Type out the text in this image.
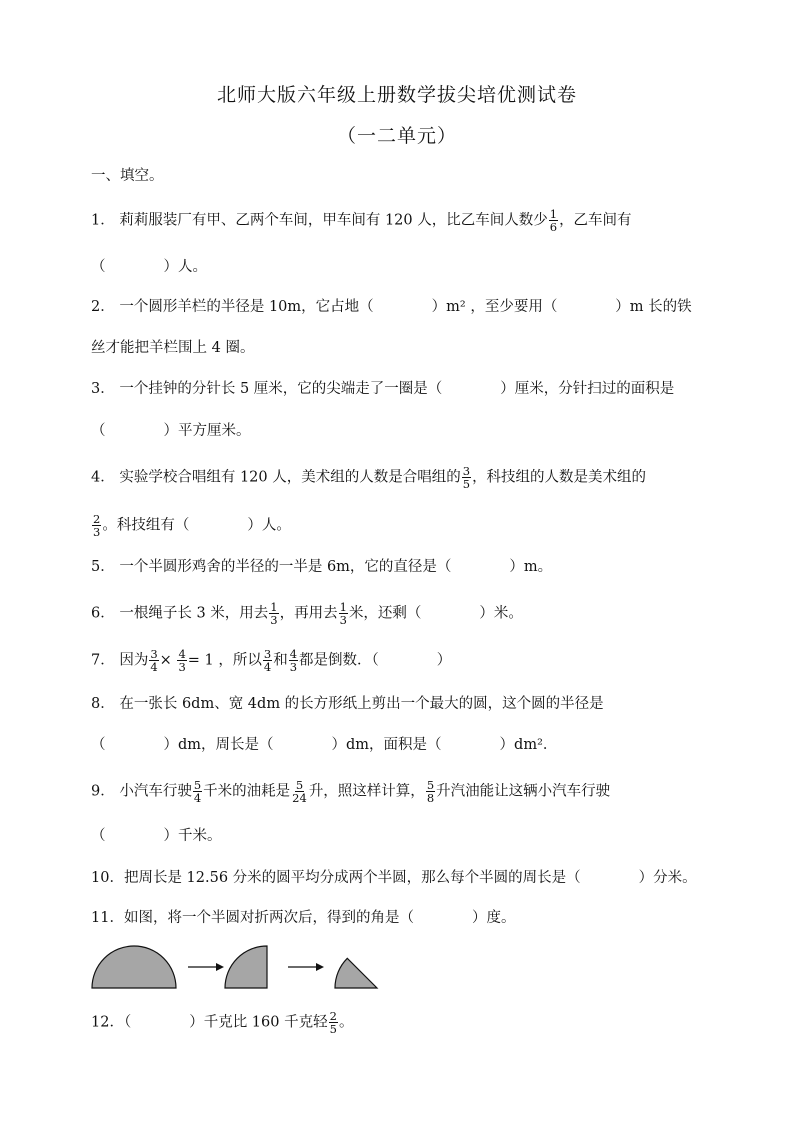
北师大版六年级上册数学拔尖培优测试卷
（一二单元）
一、填空。
1． 莉莉服装厂有甲、乙两个车间，甲车间有 120 人，比乙车间人数少 $\frac{1}{6}$ ，乙车间有
（　　　　）人。
2． 一个圆形羊栏的半径是 10m，它占地（　　　　）m² ，至少要用（　　　　）m 长的铁
丝才能把羊栏围上 4 圈。
3． 一个挂钟的分针长 5 厘米，它的尖端走了一圈是（　　　　）厘米，分针扫过的面积是
（　　　　）平方厘米。
4． 实验学校合唱组有 120 人，美术组的人数是合唱组的 $\frac{3}{5}$ ，科技组的人数是美术组的
$\frac{2}{3}$ 。科技组有（　　　　）人。
5． 一个半圆形鸡舍的半径的一半是 6m，它的直径是（　　　　）m。
6． 一根绳子长 3 米，用去 $\frac{1}{3}$ ，再用去 $\frac{1}{3}$ 米，还剩（　　　　）米。
7． 因为 $\frac{3}{4} \times \frac{4}{3} = 1$ ，所以 $\frac{3}{4}$ 和 $\frac{4}{3}$ 都是倒数．（　　　　）
8． 在一张长 6dm、宽 4dm 的长方形纸上剪出一个最大的圆，这个圆的半径是
（　　　　）dm，周长是（　　　　）dm，面积是（　　　　）dm²．
9． 小汽车行驶 $\frac{5}{4}$ 千米的油耗是 $\frac{5}{24}$ 升，照这样计算， $\frac{5}{8}$ 升汽油能让这辆小汽车行驶
（　　　　）千米。
10．把周长是 12.56 分米的圆平均分成两个半圆，那么每个半圆的周长是（　　　　）分米。
11．如图，将一个半圆对折两次后，得到的角是（　　　　）度。
12．（　　　　）千克比 160 千克轻 $\frac{2}{5}$ 。
